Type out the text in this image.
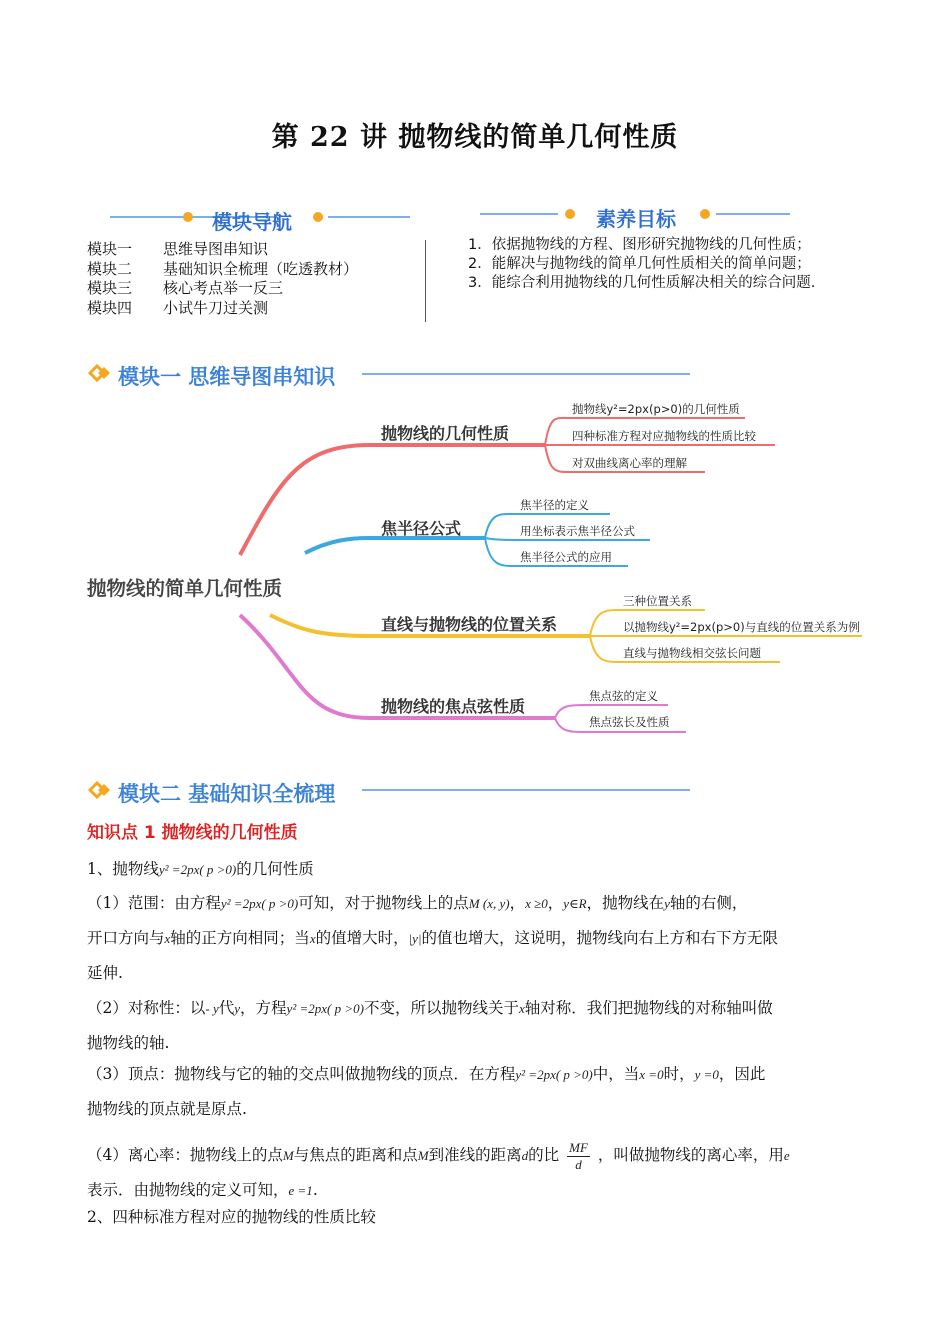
第 22 讲 抛物线的简单几何性质
模块导航	素养目标
模块一 思维导图串知识
模块二 基础知识全梳理（吃透教材）
模块三 核心考点举一反三
模块四 小试牛刀过关测
1．依据抛物线的方程、图形研究抛物线的几何性质；
2．能解决与抛物线的简单几何性质相关的简单问题；
3．能综合利用抛物线的几何性质解决相关的综合问题.
模块一 思维导图串知识
抛物线的简单几何性质
抛物线的几何性质
抛物线y²=2px(p>0)的几何性质
四种标准方程对应抛物线的性质比较
对双曲线离心率的理解
焦半径公式
焦半径的定义
用坐标表示焦半径公式
焦半径公式的应用
直线与抛物线的位置关系
三种位置关系
以抛物线y²=2px(p>0)与直线的位置关系为例
直线与抛物线相交弦长问题
抛物线的焦点弦性质
焦点弦的定义
焦点弦长及性质
模块二 基础知识全梳理
知识点 1 抛物线的几何性质
1、抛物线y² =2px( p >0)的几何性质
（1）范围：由方程y² =2px( p >0)可知，对于抛物线上的点M (x, y)，x ≥0，y∈R，抛物线在y轴的右侧，
开口方向与x轴的正方向相同；当x的值增大时，|y|的值也增大，这说明，抛物线向右上方和右下方无限
延伸.
（2）对称性：以- y代y，方程y² =2px( p >0)不变，所以抛物线关于x轴对称．我们把抛物线的对称轴叫做
抛物线的轴.
（3）顶点：抛物线与它的轴的交点叫做抛物线的顶点．在方程y² =2px( p >0)中，当x =0时，y =0，因此
抛物线的顶点就是原点.
（4）离心率：抛物线上的点M与焦点的距离和点M到准线的距离d的比 $\frac{MF}{d}$ ，叫做抛物线的离心率，用e
表示．由抛物线的定义可知，e =1.
2、四种标准方程对应的抛物线的性质比较
